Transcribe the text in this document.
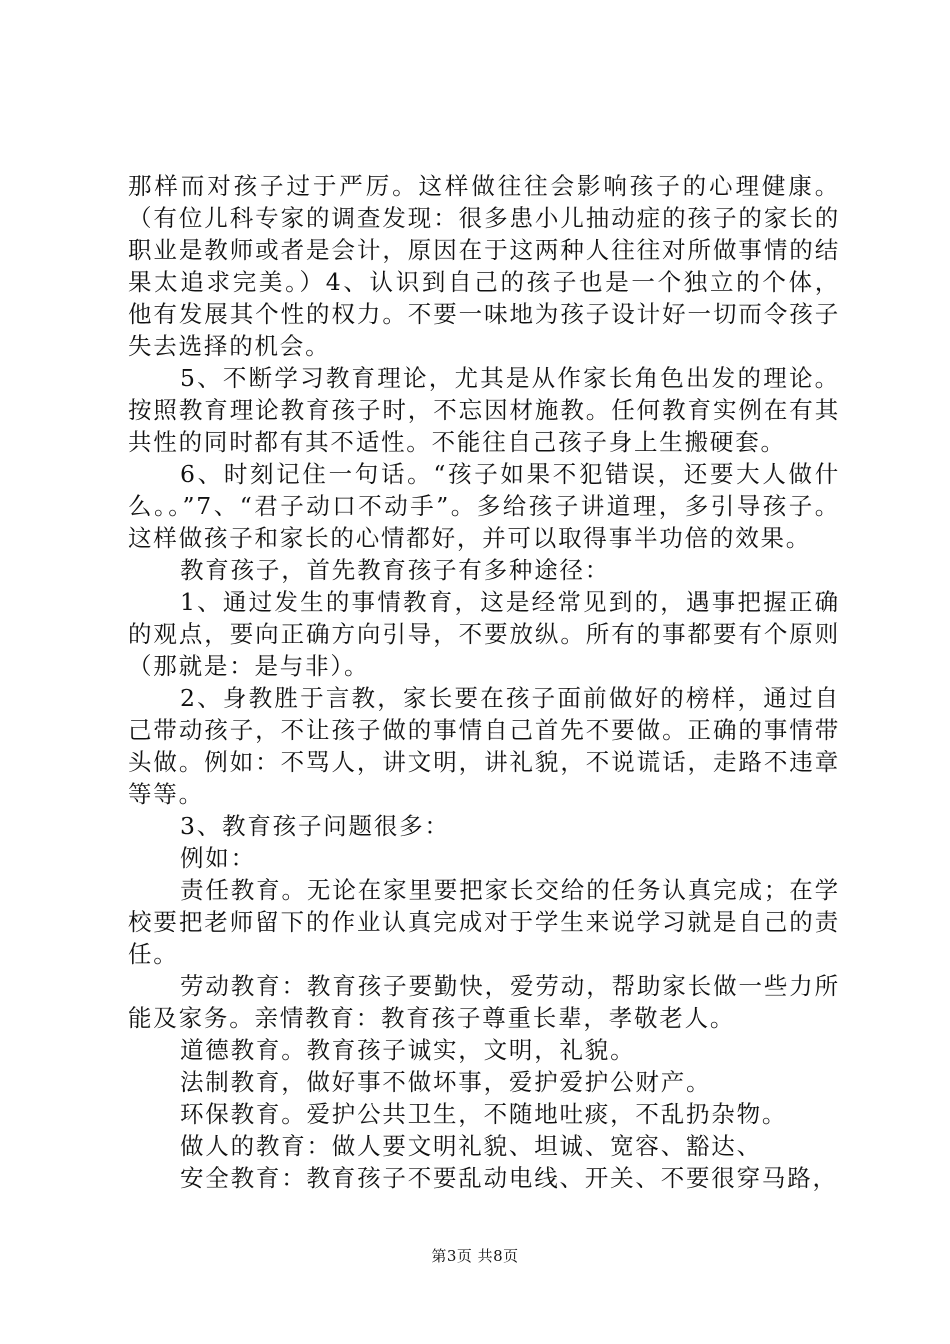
那样而对孩子过于严厉。这样做往往会影响孩子的心理健康。（有位儿科专家的调查发现：很多患小儿抽动症的孩子的家长的职业是教师或者是会计，原因在于这两种人往往对所做事情的结果太追求完美。）4、认识到自己的孩子也是一个独立的个体，他有发展其个性的权力。不要一味地为孩子设计好一切而令孩子失去选择的机会。

5、不断学习教育理论，尤其是从作家长角色出发的理论。按照教育理论教育孩子时，不忘因材施教。任何教育实例在有其共性的同时都有其不适性。不能往自己孩子身上生搬硬套。

6、时刻记住一句话。“孩子如果不犯错误，还要大人做什么。。”7、“君子动口不动手”。多给孩子讲道理，多引导孩子。这样做孩子和家长的心情都好，并可以取得事半功倍的效果。

教育孩子，首先教育孩子有多种途径：

1、通过发生的事情教育，这是经常见到的，遇事把握正确的观点，要向正确方向引导，不要放纵。所有的事都要有个原则（那就是：是与非）。

2、身教胜于言教，家长要在孩子面前做好的榜样，通过自己带动孩子，不让孩子做的事情自己首先不要做。正确的事情带头做。例如：不骂人，讲文明，讲礼貌，不说谎话，走路不违章等等。

3、教育孩子问题很多：

例如：

责任教育。无论在家里要把家长交给的任务认真完成；在学校要把老师留下的作业认真完成对于学生来说学习就是自己的责任。

劳动教育：教育孩子要勤快，爱劳动，帮助家长做一些力所能及家务。亲情教育：教育孩子尊重长辈，孝敬老人。

道德教育。教育孩子诚实，文明，礼貌。

法制教育，做好事不做坏事，爱护爱护公财产。

环保教育。爱护公共卫生，不随地吐痰，不乱扔杂物。

做人的教育：做人要文明礼貌、坦诚、宽容、豁达、

安全教育：教育孩子不要乱动电线、开关、不要很穿马路，

第3页 共8页
